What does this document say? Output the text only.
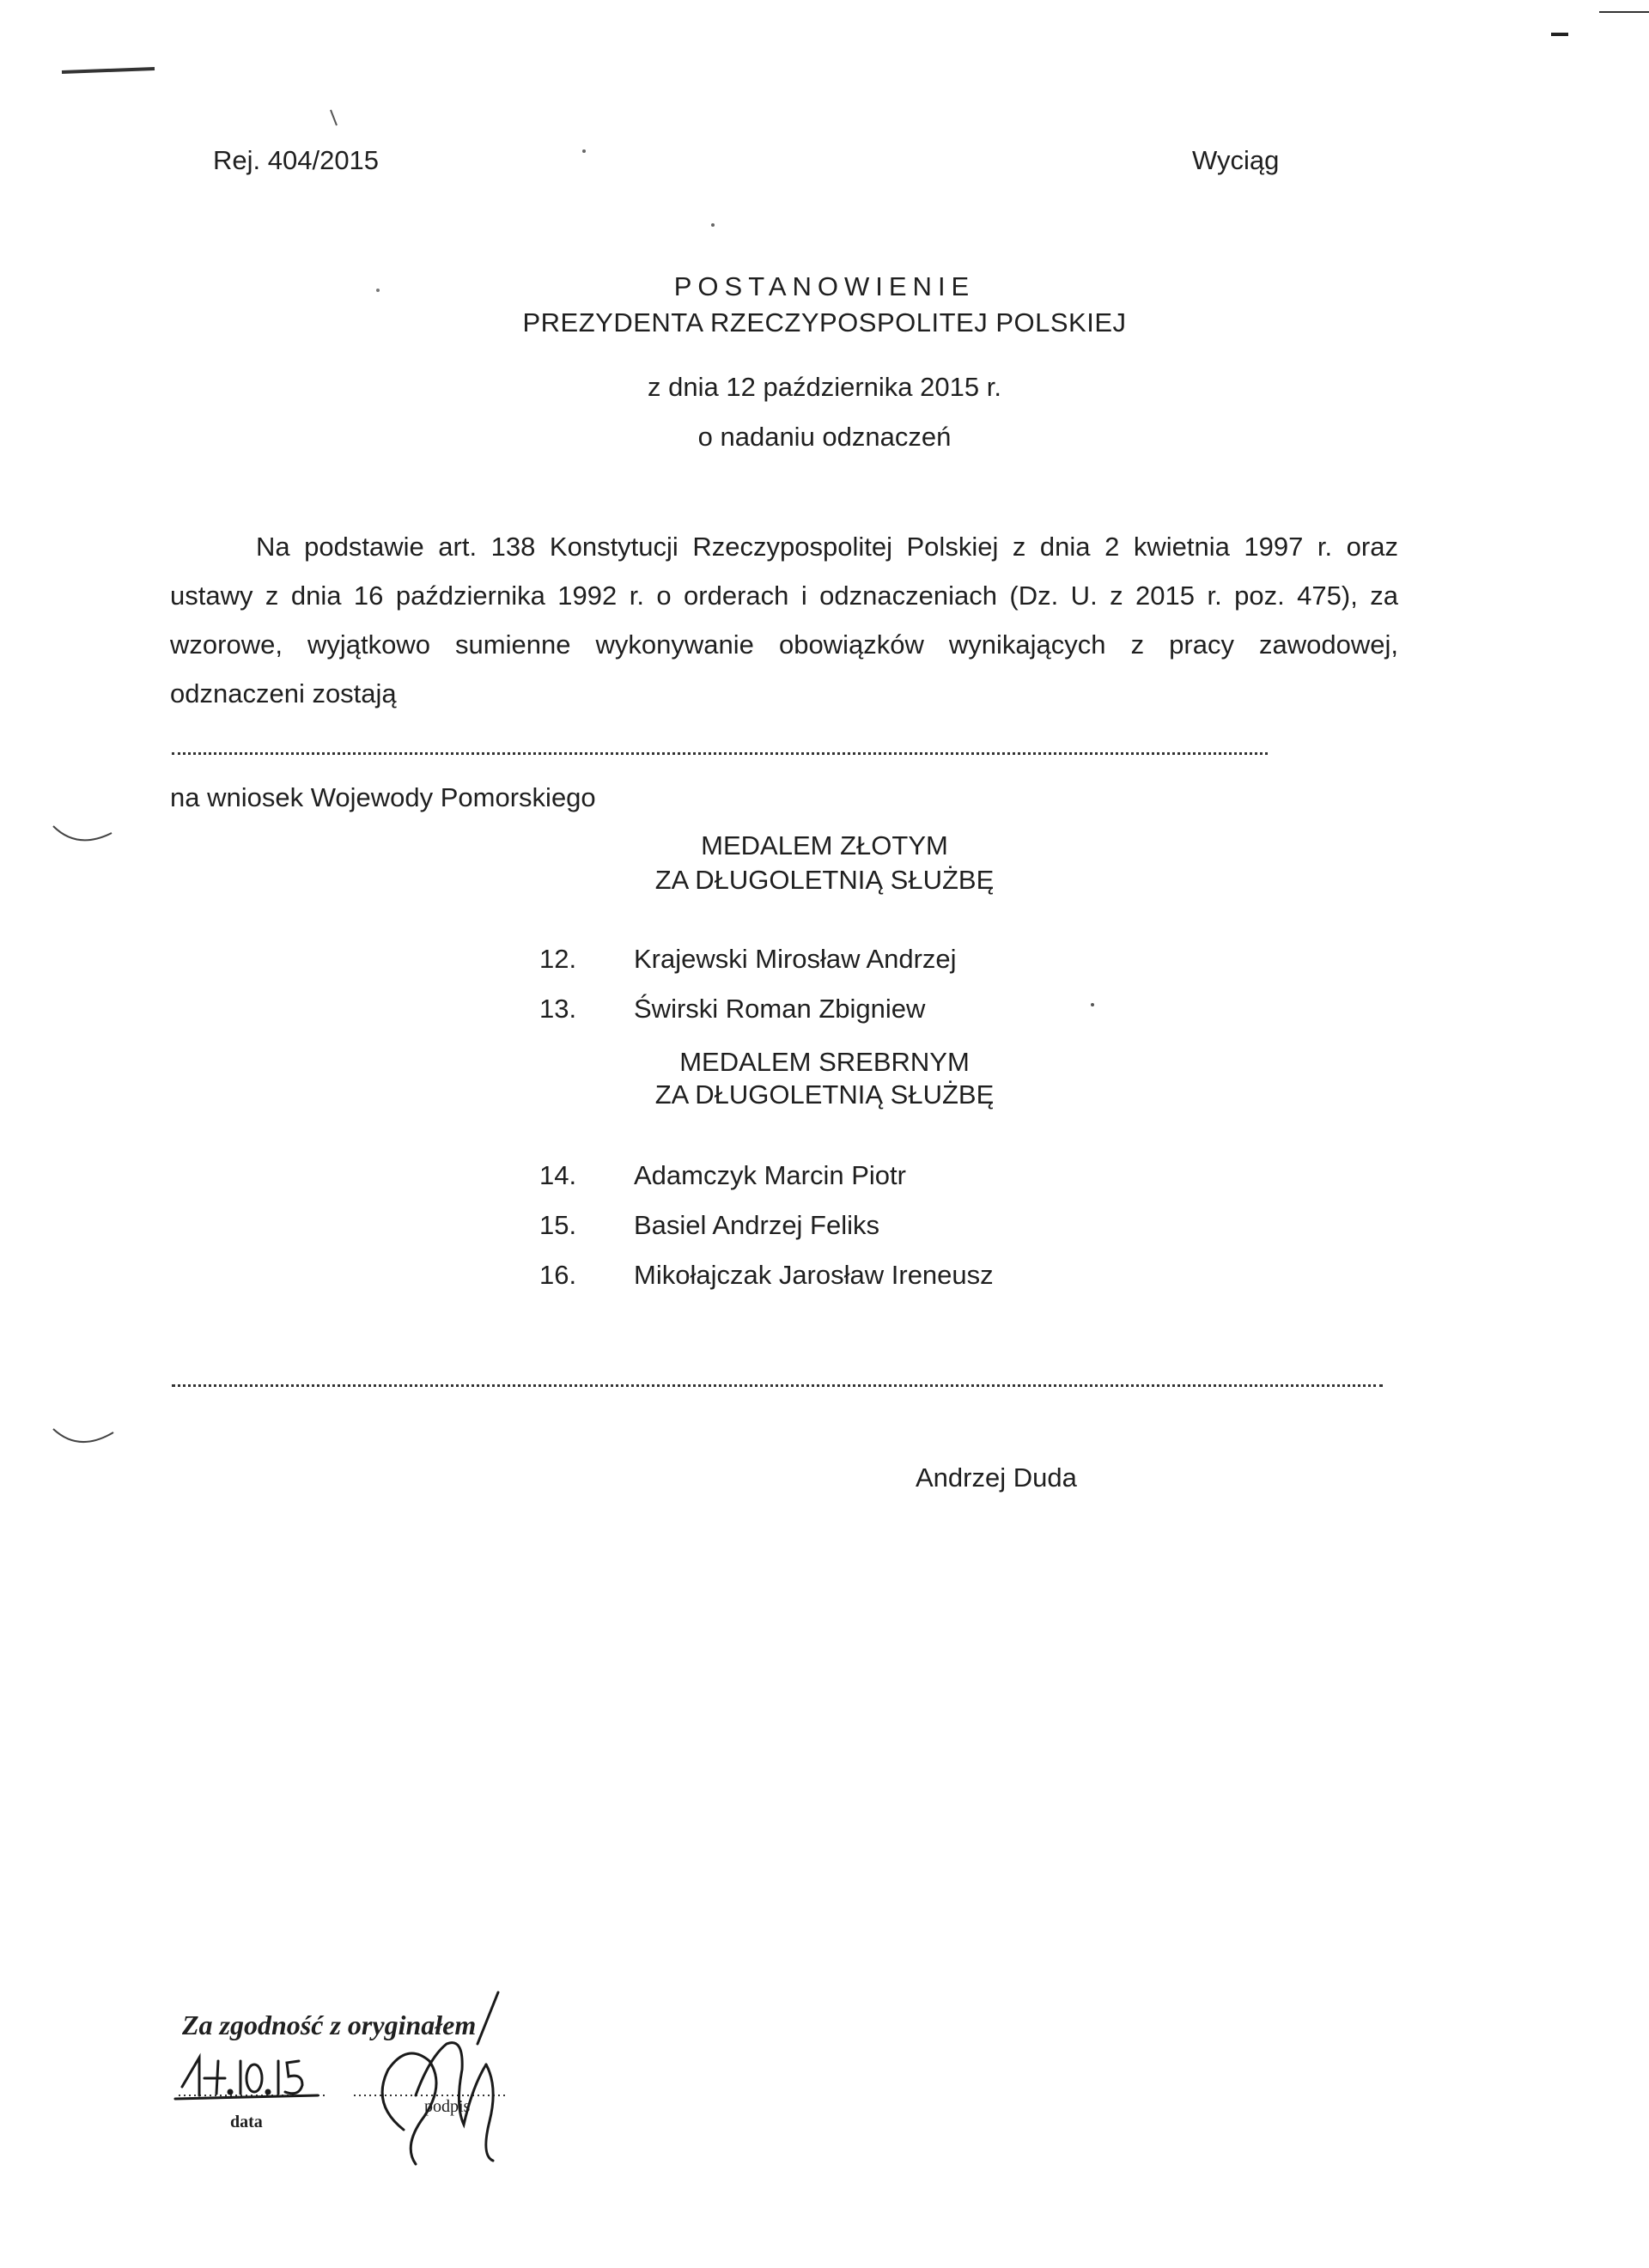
Rej. 404/2015	Wyciąg
POSTANOWIENIE
PREZYDENTA RZECZYPOSPOLITEJ POLSKIEJ
z dnia 12 października 2015 r.
o nadaniu odznaczeń
Na podstawie art. 138 Konstytucji Rzeczypospolitej Polskiej z dnia 2 kwietnia 1997 r. oraz ustawy z dnia 16 października 1992 r. o orderach i odznaczeniach (Dz. U. z 2015 r. poz. 475), za wzorowe, wyjątkowo sumienne wykonywanie obowiązków wynikających z pracy zawodowej, odznaczeni zostają
na wniosek Wojewody Pomorskiego
MEDALEM ZŁOTYM
ZA DŁUGOLETNIĄ SŁUŻBĘ
12.	Krajewski Mirosław Andrzej
13.	Świrski Roman Zbigniew
MEDALEM SREBRNYM
ZA DŁUGOLETNIĄ SŁUŻBĘ
14.	Adamczyk Marcin Piotr
15.	Basiel Andrzej Feliks
16.	Mikołajczak Jarosław Ireneusz
Andrzej Duda
Za zgodność z oryginałem
data
podpis
